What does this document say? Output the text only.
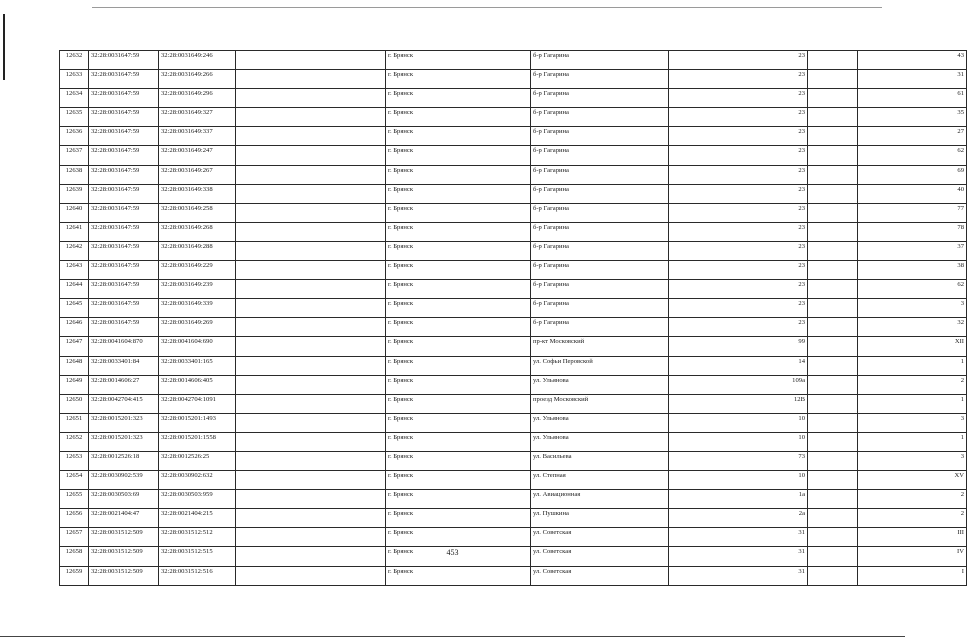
12632	32:28:0031647:59	32:28:0031649:246		г. Брянск	б-р Гагарина	23		43
12633	32:28:0031647:59	32:28:0031649:266		г. Брянск	б-р Гагарина	23		31
12634	32:28:0031647:59	32:28:0031649:296		г. Брянск	б-р Гагарина	23		61
12635	32:28:0031647:59	32:28:0031649:327		г. Брянск	б-р Гагарина	23		35
12636	32:28:0031647:59	32:28:0031649:337		г. Брянск	б-р Гагарина	23		27
12637	32:28:0031647:59	32:28:0031649:247		г. Брянск	б-р Гагарина	23		62
12638	32:28:0031647:59	32:28:0031649:267		г. Брянск	б-р Гагарина	23		69
12639	32:28:0031647:59	32:28:0031649:338		г. Брянск	б-р Гагарина	23		40
12640	32:28:0031647:59	32:28:0031649:258		г. Брянск	б-р Гагарина	23		77
12641	32:28:0031647:59	32:28:0031649:268		г. Брянск	б-р Гагарина	23		78
12642	32:28:0031647:59	32:28:0031649:288		г. Брянск	б-р Гагарина	23		37
12643	32:28:0031647:59	32:28:0031649:229		г. Брянск	б-р Гагарина	23		38
12644	32:28:0031647:59	32:28:0031649:239		г. Брянск	б-р Гагарина	23		62
12645	32:28:0031647:59	32:28:0031649:339		г. Брянск	б-р Гагарина	23		3
12646	32:28:0031647:59	32:28:0031649:269		г. Брянск	б-р Гагарина	23		32
12647	32:28:0041604:870	32:28:0041604:690		г. Брянск	пр-кт Московский	99		XII
12648	32:28:0033401:84	32:28:0033401:165		г. Брянск	ул. Софьи Перовской	14		1
12649	32:28:0014606:27	32:28:0014606:405		г. Брянск	ул. Ульянова	109а		2
12650	32:28:0042704:415	32:28:0042704:1091		г. Брянск	проезд Московский	12В		1
12651	32:28:0015201:323	32:28:0015201:1493		г. Брянск	ул. Ульянова	10		3
12652	32:28:0015201:323	32:28:0015201:1558		г. Брянск	ул. Ульянова	10		1
12653	32:28:0012526:18	32:28:0012526:25		г. Брянск	ул. Васильева	73		3
12654	32:28:0030902:539	32:28:0030902:632		г. Брянск	ул. Степная	10		XV
12655	32:28:0030503:69	32:28:0030503:959		г. Брянск	ул. Авиационная	1а		2
12656	32:28:0021404:47	32:28:0021404:215		г. Брянск	ул. Пушкина	2а		2
12657	32:28:0031512:509	32:28:0031512:512		г. Брянск	ул. Советская	31		III
12658	32:28:0031512:509	32:28:0031512:515		г. Брянск	ул. Советская	31		IV
12659	32:28:0031512:509	32:28:0031512:516		г. Брянск	ул. Советская	31		I
453
